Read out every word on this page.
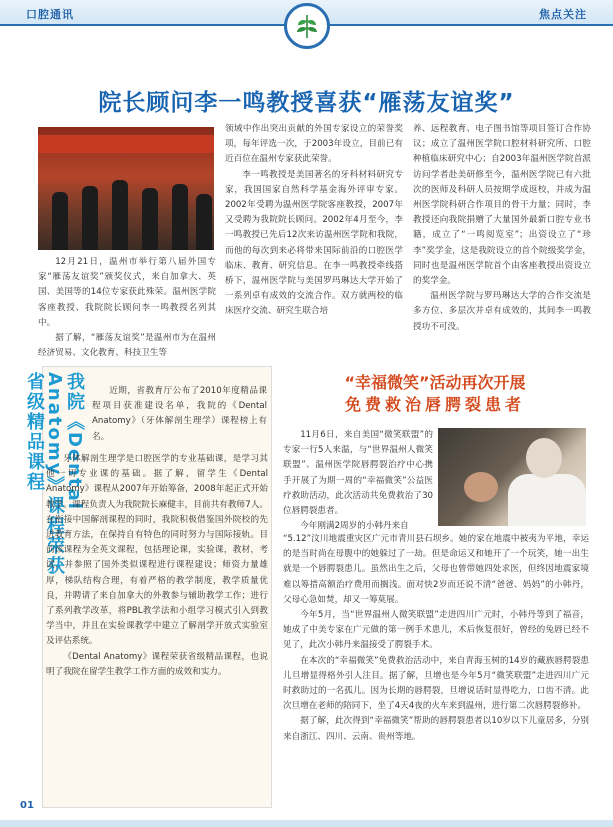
口腔通讯	焦点关注
院长顾问李一鸣教授喜获“雁荡友谊奖”

12月21日，温州市举行第八届外国专家“雁荡友谊奖”颁奖仪式，来自加拿大、英国、美国等的14位专家获此殊荣。温州医学院客座教授、我院院长顾问李一鸣教授名列其中。

据了解，“雁荡友谊奖”是温州市为在温州经济贸易、文化教育、科技卫生等

领域中作出突出贡献的外国专家设立的荣誉奖项，每年评选一次，于2003年设立，目前已有近百位在温州专家获此荣誉。

李一鸣教授是美国著名的牙科材料研究专家，我国国家自然科学基金海外评审专家。2002年受聘为温州医学院客座教授，2007年又受聘为我院院长顾问。2002年4月至今，李一鸣教授已先后12次来访温州医学院和我院，而他的每次到来必将带来国际前沿的口腔医学临床、教育、研究信息。在李一鸣教授牵线搭桥下，温州医学院与美国罗玛琳达大学开始了一系列卓有成效的交流合作。双方就两校的临床医疗交流、研究生联合培

养、远程教育、电子图书馆等项目签订合作协议；成立了温州医学院口腔材料研究所、口腔种植临床研究中心；自2003年温州医学院首派访问学者赴美研修至今，温州医学院已有六批次的医师及科研人员按期学成返校，并成为温州医学院科研合作项目的骨干力量；同时，李教授还向我院捐赠了大量国外最新口腔专业书籍，成立了“一鸣阅览室”；出资设立了“珍李”奖学金，这是我院设立的首个院级奖学金，同时也是温州医学院首个由客座教授出资设立的奖学金。

温州医学院与罗玛琳达大学的合作交流是多方位、多层次并卓有成效的，其间李一鸣教授功不可没。

我院《Dental Anatomy》课程荣获省级精品课程	近期，省教育厅公布了2010年度精品课程项目获准建设名单，我院的《Dental Anatomy》（牙体解剖生理学）课程榜上有名。

牙体解剖生理学是口腔医学的专业基础课，是学习其他一切专业课的基础。据了解，留学生《Dental Anatomy》课程从2007年开始筹备，2008年起正式开始教学。课程负责人为我院院长麻健丰，目前共有教师7人。在衔接中国解剖课程的同时，我院积极借鉴国外院校的先进教育方法，在保持自有特色的同时努力与国际接轨。目前该课程为全英文课程，包括理论课，实验课，教材，考试，并参照了国外类似课程进行课程建设；师资力量雄厚，梯队结构合理，有着严格的教学制度，教学质量优良，并聘请了来自加拿大的外教参与辅助教学工作；进行了系列教学改革，将PBL教学法和小组学习模式引入到教学当中，并且在实验课教学中建立了解剖学开放式实验室及评估系统。

《Dental Anatomy》课程荣获省级精品课程，也说明了我院在留学生教学工作方面的成效和实力。

“幸福微笑”活动再次开展
免费救治唇腭裂患者

11月6日，来自美国“微笑联盟”的专家一行5人来温，与“世界温州人微笑联盟”、温州医学院唇腭裂治疗中心携手开展了为期一周的“幸福微笑”公益医疗救助活动，此次活动共免费救治了30位唇腭裂患者。

今年刚满2周岁的小韩丹来自

“5.12”汶川地震重灾区广元市青川县石坝乡。她的家在地震中被夷为平地，幸运的是当时尚在母腹中的她躲过了一劫。但是命运又和她开了一个玩笑，她一出生就是一个唇腭裂患儿。虽然出生之后，父母也曾带她四处求医，但终因地震家境难以筹措高额治疗费用而搁浅。面对快2岁而还说不清“爸爸、妈妈”的小韩丹，父母心急如焚，却又一筹莫展。

今年5月，当“世界温州人微笑联盟”走进四川广元时，小韩丹等到了福音，她成了中美专家在广元做的第一例手术患儿，术后恢复很好，曾经的兔唇已经不见了，此次小韩丹来温接受了腭裂手术。

在本次的“幸福微笑”免费救治活动中，来自青海玉树的14岁的藏族唇腭裂患儿旦增显得格外引人注目。据了解，旦增也是今年5月“微笑联盟”走进四川广元时救助过的一名孤儿。因为长期的唇腭裂，旦增说话时显得吃力，口齿不清。此次旦增在老师的陪同下，坐了4天4夜的火车来到温州，进行第二次唇腭裂修补。

据了解，此次得到“幸福微笑”帮助的唇腭裂患者以10岁以下儿童居多，分别来自浙江、四川、云南、贵州等地。

01
